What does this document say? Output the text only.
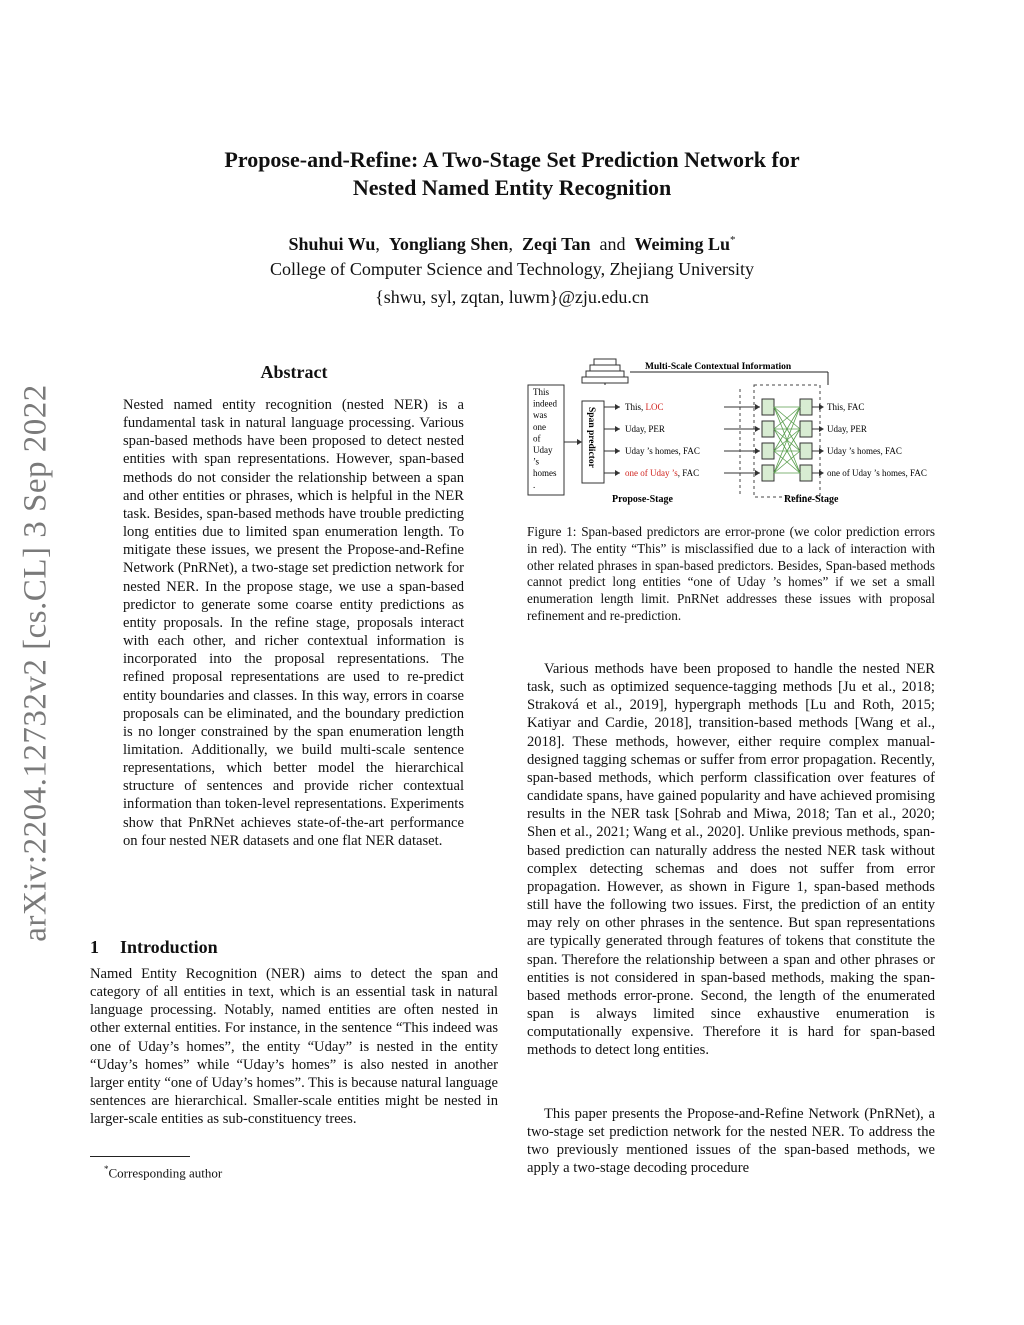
Propose-and-Refine: A Two-Stage Set Prediction Network for
Nested Named Entity Recognition
Shuhui Wu, Yongliang Shen, Zeqi Tan and Weiming Lu*
College of Computer Science and Technology, Zhejiang University
{shwu, syl, zqtan, luwm}@zju.edu.cn
arXiv:2204.12732v2 [cs.CL] 3 Sep 2022
Abstract
Nested named entity recognition (nested NER) is a fundamental task in natural language processing. Various span-based methods have been proposed to detect nested entities with span representations. However, span-based methods do not consider the relationship between a span and other entities or phrases, which is helpful in the NER task. Besides, span-based methods have trouble predicting long entities due to limited span enumeration length. To mitigate these issues, we present the Propose-and-Refine Network (PnRNet), a two-stage set prediction network for nested NER. In the propose stage, we use a span-based predictor to generate some coarse entity predictions as entity proposals. In the refine stage, proposals interact with each other, and richer contextual information is incorporated into the proposal representations. The refined proposal representations are used to re-predict entity boundaries and classes. In this way, errors in coarse proposals can be eliminated, and the boundary prediction is no longer constrained by the span enumeration length limitation. Additionally, we build multi-scale sentence representations, which better model the hierarchical structure of sentences and provide richer contextual information than token-level representations. Experiments show that PnRNet achieves state-of-the-art performance on four nested NER datasets and one flat NER dataset.
1 Introduction
Named Entity Recognition (NER) aims to detect the span and category of all entities in text, which is an essential task in natural language processing. Notably, named entities are often nested in other external entities. For instance, in the sentence “This indeed was one of Uday’s homes”, the entity “Uday” is nested in the entity “Uday’s homes” while “Uday’s homes” is also nested in another larger entity “one of Uday’s homes”. This is because natural language sentences are hierarchical. Smaller-scale entities might be nested in larger-scale entities as sub-constituency trees.
*Corresponding author
Multi-Scale Contextual Information
This
indeed
was
one
of
Uday
’s
homes
.
Span predictor	This, LOC
Uday, PER
Uday ’s homes, FAC
one of Uday ’s, FAC
This, FAC
Uday, PER
Uday ’s homes, FAC
one of Uday ’s homes, FAC
Propose-Stage	Refine-Stage
Figure 1: Span-based predictors are error-prone (we color prediction errors in red). The entity “This” is misclassified due to a lack of interaction with other related phrases in span-based predictors. Besides, Span-based methods cannot predict long entities “one of Uday ’s homes” if we set a small enumeration length limit. PnRNet addresses these issues with proposal refinement and re-prediction.
Various methods have been proposed to handle the nested NER task, such as optimized sequence-tagging methods [Ju et al., 2018; Straková et al., 2019], hypergraph methods [Lu and Roth, 2015; Katiyar and Cardie, 2018], transition-based methods [Wang et al., 2018]. These methods, however, either require complex manual-designed tagging schemas or suffer from error propagation. Recently, span-based methods, which perform classification over features of candidate spans, have gained popularity and have achieved promising results in the NER task [Sohrab and Miwa, 2018; Tan et al., 2020; Shen et al., 2021; Wang et al., 2020]. Unlike previous methods, span-based prediction can naturally address the nested NER task without complex detecting schemas and does not suffer from error propagation. However, as shown in Figure 1, span-based methods still have the following two issues. First, the prediction of an entity may rely on other phrases in the sentence. But span representations are typically generated through features of tokens that constitute the span. Therefore the relationship between a span and other phrases or entities is not considered in span-based methods, making the span-based methods error-prone. Second, the length of the enumerated span is always limited since exhaustive enumeration is computationally expensive. Therefore it is hard for span-based methods to detect long entities.
This paper presents the Propose-and-Refine Network (PnRNet), a two-stage set prediction network for the nested NER. To address the two previously mentioned issues of the span-based methods, we apply a two-stage decoding procedure
